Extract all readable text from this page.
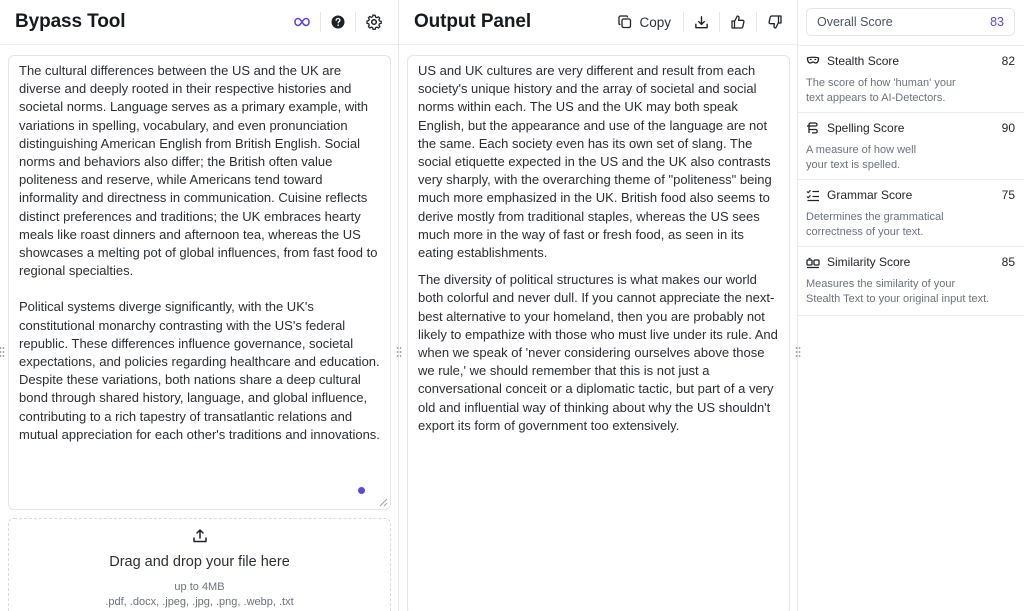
Bypass Tool

The cultural differences between the US and the UK are diverse and deeply rooted in their respective histories and societal norms. Language serves as a primary example, with variations in spelling, vocabulary, and even pronunciation distinguishing American English from British English. Social norms and behaviors also differ; the British often value politeness and reserve, while Americans tend toward informality and directness in communication. Cuisine reflects distinct preferences and traditions; the UK embraces hearty meals like roast dinners and afternoon tea, whereas the US showcases a melting pot of global influences, from fast food to regional specialties.

Political systems diverge significantly, with the UK's constitutional monarchy contrasting with the US's federal republic. These differences influence governance, societal expectations, and policies regarding healthcare and education. Despite these variations, both nations share a deep cultural bond through shared history, language, and global influence, contributing to a rich tapestry of transatlantic relations and mutual appreciation for each other's traditions and innovations.

Drag and drop your file here
up to 4MB
.pdf, .docx, .jpeg, .jpg, .png, .webp, .txt
Output Panel	Copy

US and UK cultures are very different and result from each society's unique history and the array of societal and social norms within each. The US and the UK may both speak English, but the appearance and use of the language are not the same. Each society even has its own set of slang. The social etiquette expected in the US and the UK also contrasts very sharply, with the overarching theme of "politeness" being much more emphasized in the UK. British food also seems to derive mostly from traditional staples, whereas the US sees much more in the way of fast or fresh food, as seen in its eating establishments.

The diversity of political structures is what makes our world both colorful and never dull. If you cannot appreciate the next-best alternative to your homeland, then you are probably not likely to empathize with those who must live under its rule. And when we speak of 'never considering ourselves above those we rule,' we should remember that this is not just a conversational conceit or a diplomatic tactic, but part of a very old and influential way of thinking about why the US shouldn't export its form of government too extensively.

Overall Score	83
Stealth Score	82
The score of how 'human' your
text appears to AI-Detectors.
Spelling Score	90
A measure of how well
your text is spelled.
Grammar Score	75
Determines the grammatical
correctness of your text.
Similarity Score	85
Measures the similarity of your
Stealth Text to your original input text.
